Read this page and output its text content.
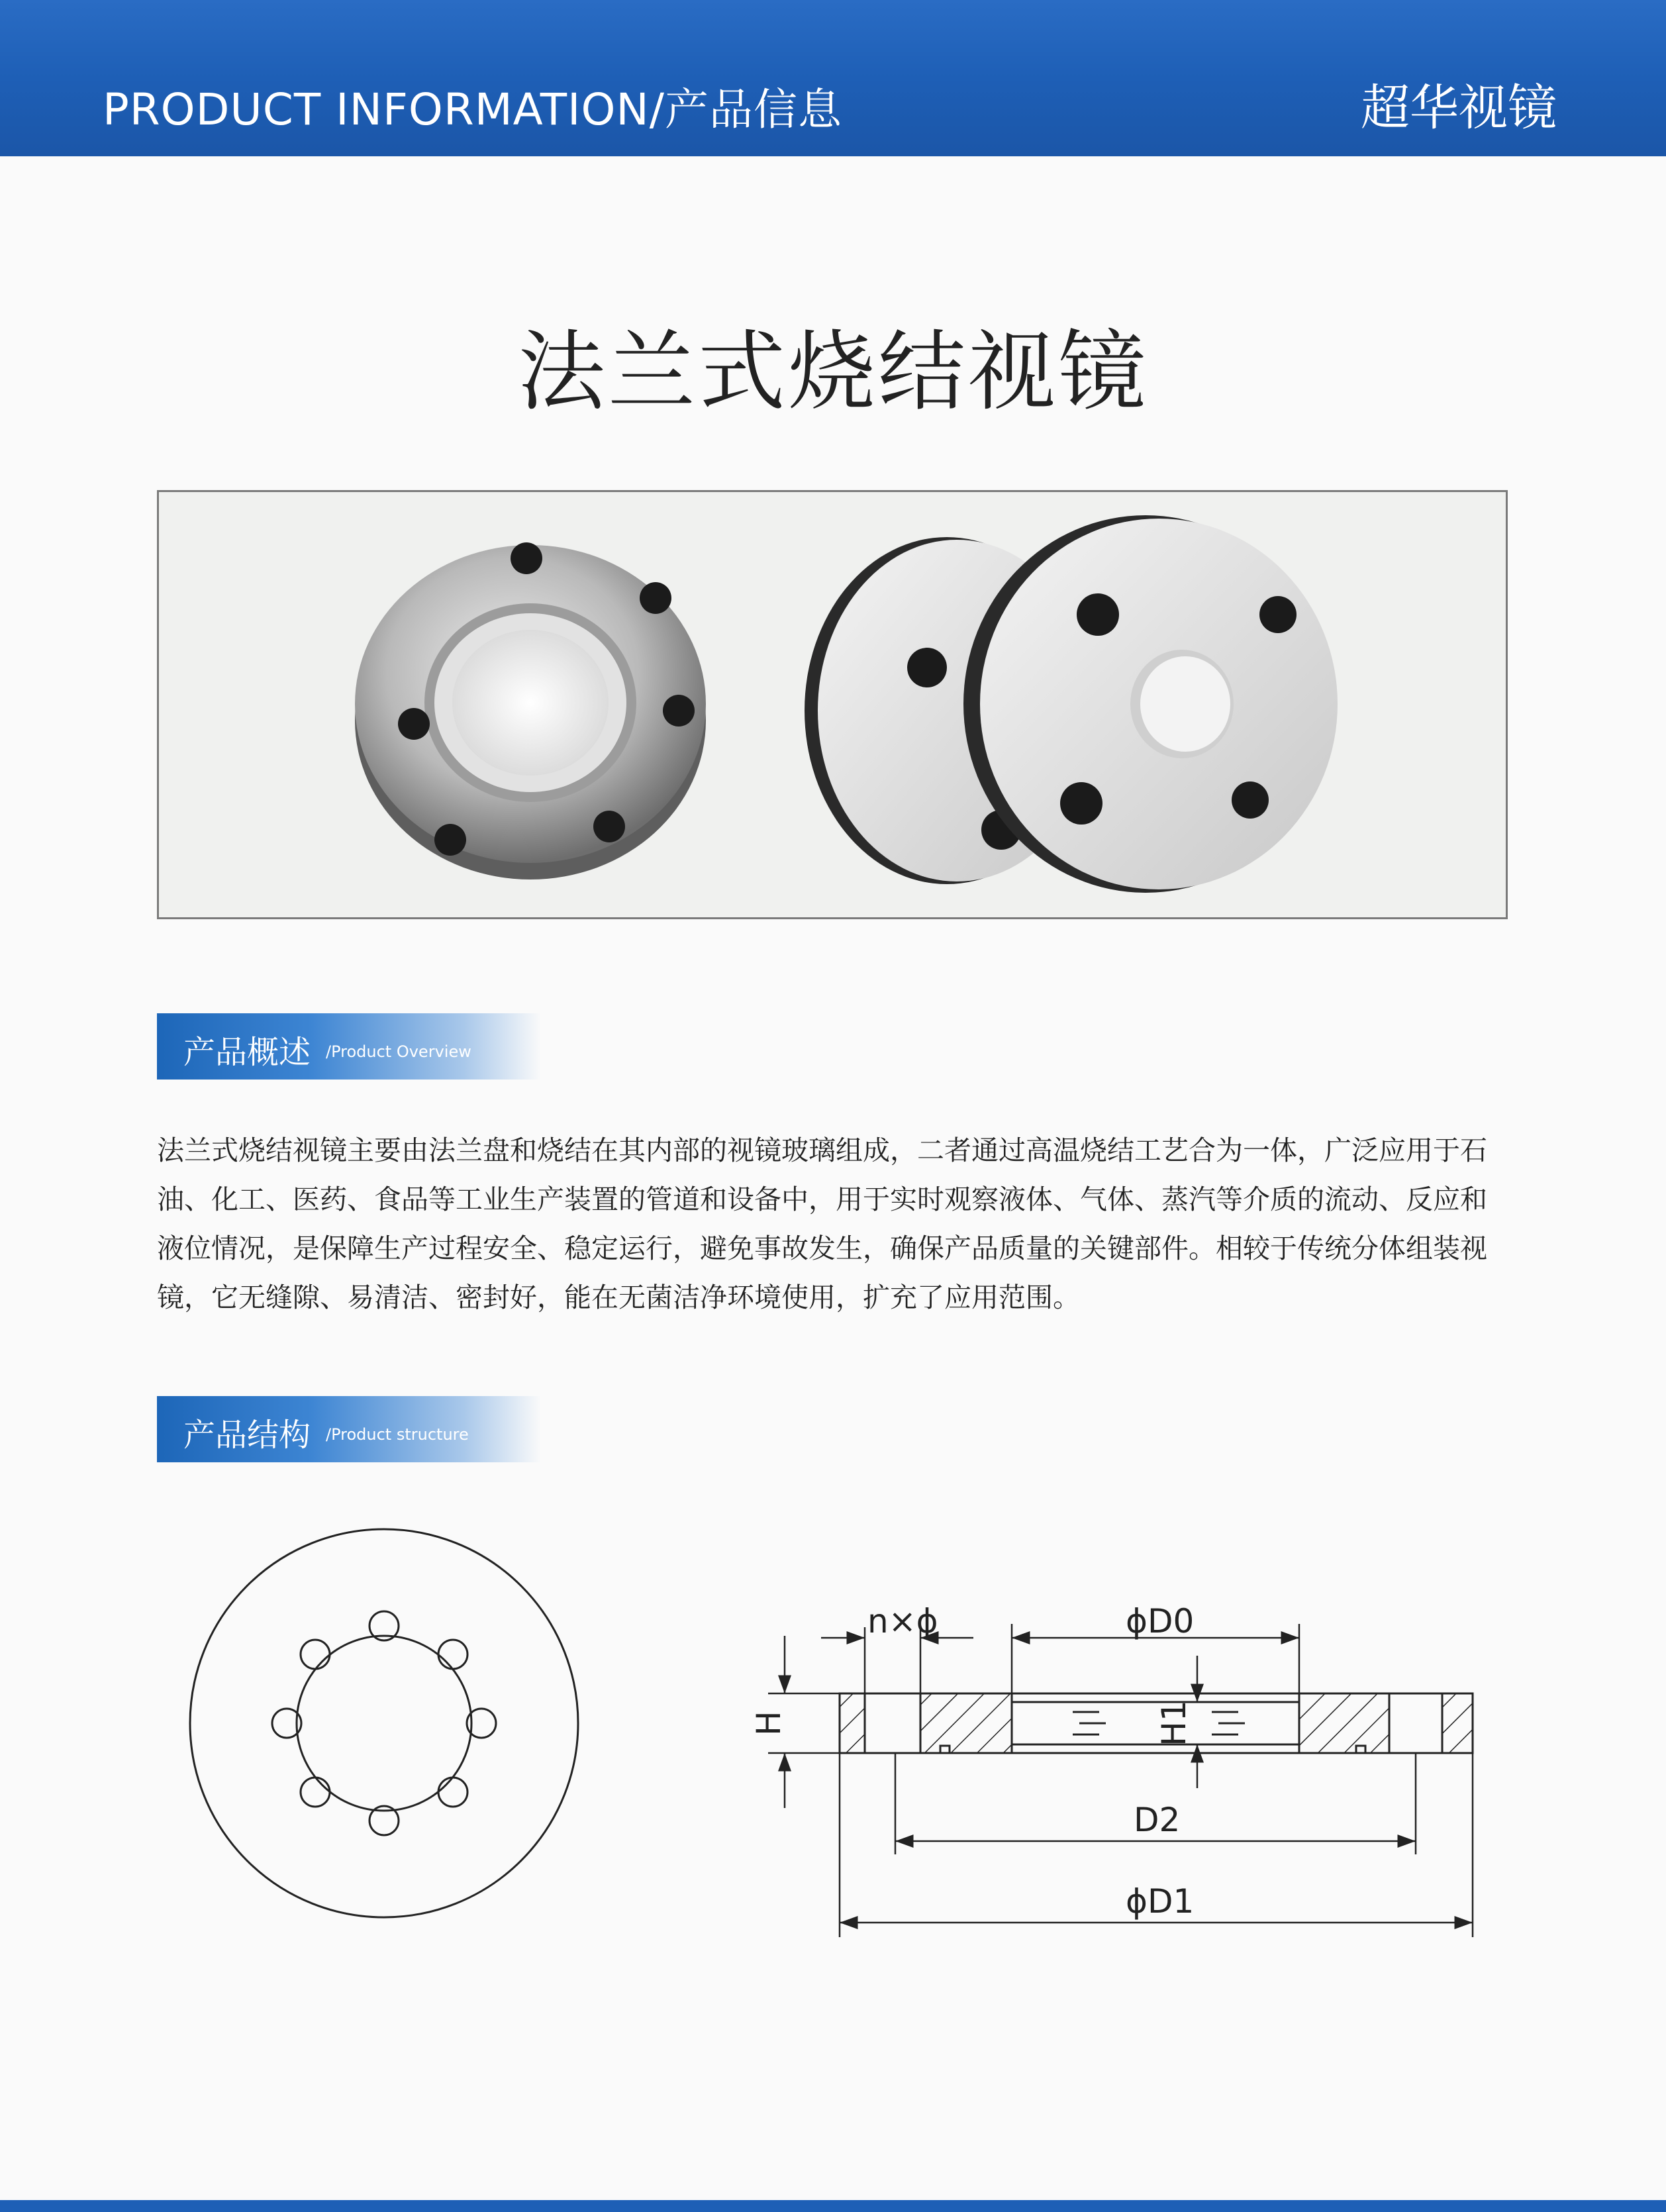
PRODUCT INFORMATION/产品信息	超华视镜
法兰式烧结视镜
产品概述 /Product Overview
法兰式烧结视镜主要由法兰盘和烧结在其内部的视镜玻璃组成，二者通过高温烧结工艺合为一体，广泛应用于石油、化工、医药、食品等工业生产装置的管道和设备中，用于实时观察液体、气体、蒸汽等介质的流动、反应和液位情况，是保障生产过程安全、稳定运行，避免事故发生，确保产品质量的关键部件。相较于传统分体组装视镜，它无缝隙、易清洁、密封好，能在无菌洁净环境使用，扩充了应用范围。
产品结构 /Product structure
n×ϕ	ϕD0
H	H1
D2
ϕD1
